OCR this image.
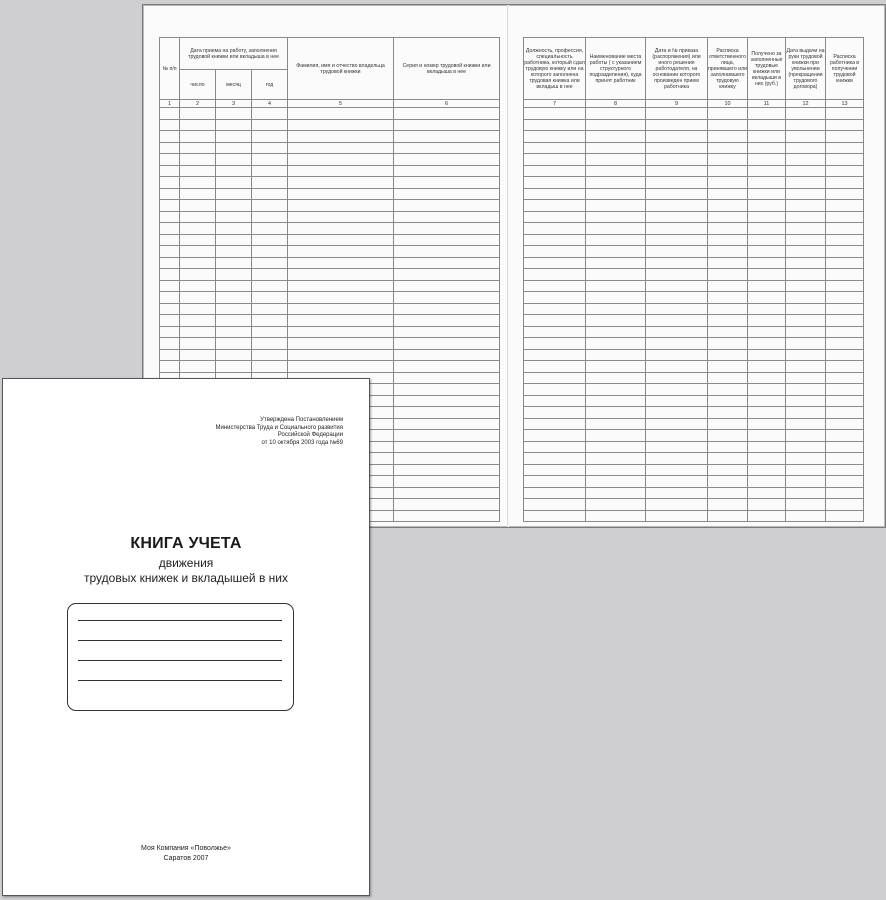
№ п/п	Дата приема на работу, заполнения трудовой книжки или вкладыша в нее			Фамилия, имя и отчество владельца трудовой книжки	Серия и номер трудовой книжки или вкладыша в нее
	число	месяц	год		
1	2	3	4	5	6

Должность, профессия, специальность работника, который сдал трудовую книжку или на которого заполнена трудовая книжка или вкладыш в нее	Наименование места работы ( с указанием структурного подразделения), куда принят работник	Дата и № приказа (распоряжения) или иного решения работодателя, на основании которого произведен прием работника	Расписка ответственного лица, принявшего или заполнившего трудовую книжку	Получено за заполненные трудовые книжки или вкладыши в них (руб.)	Дата выдачи на руки трудовой книжки при увольнении (прекращении трудового договора)	Расписка работника в получении трудовой книжки
7	8	9	10	11	12	13

Утверждена Постановлением
Министерства Труда и Социального развития
Российской Федерации
от 10 октября 2003 года №69
КНИГА УЧЕТА
движения
трудовых книжек и вкладышей в них
Моя Компания «Поволжье»
Саратов 2007
